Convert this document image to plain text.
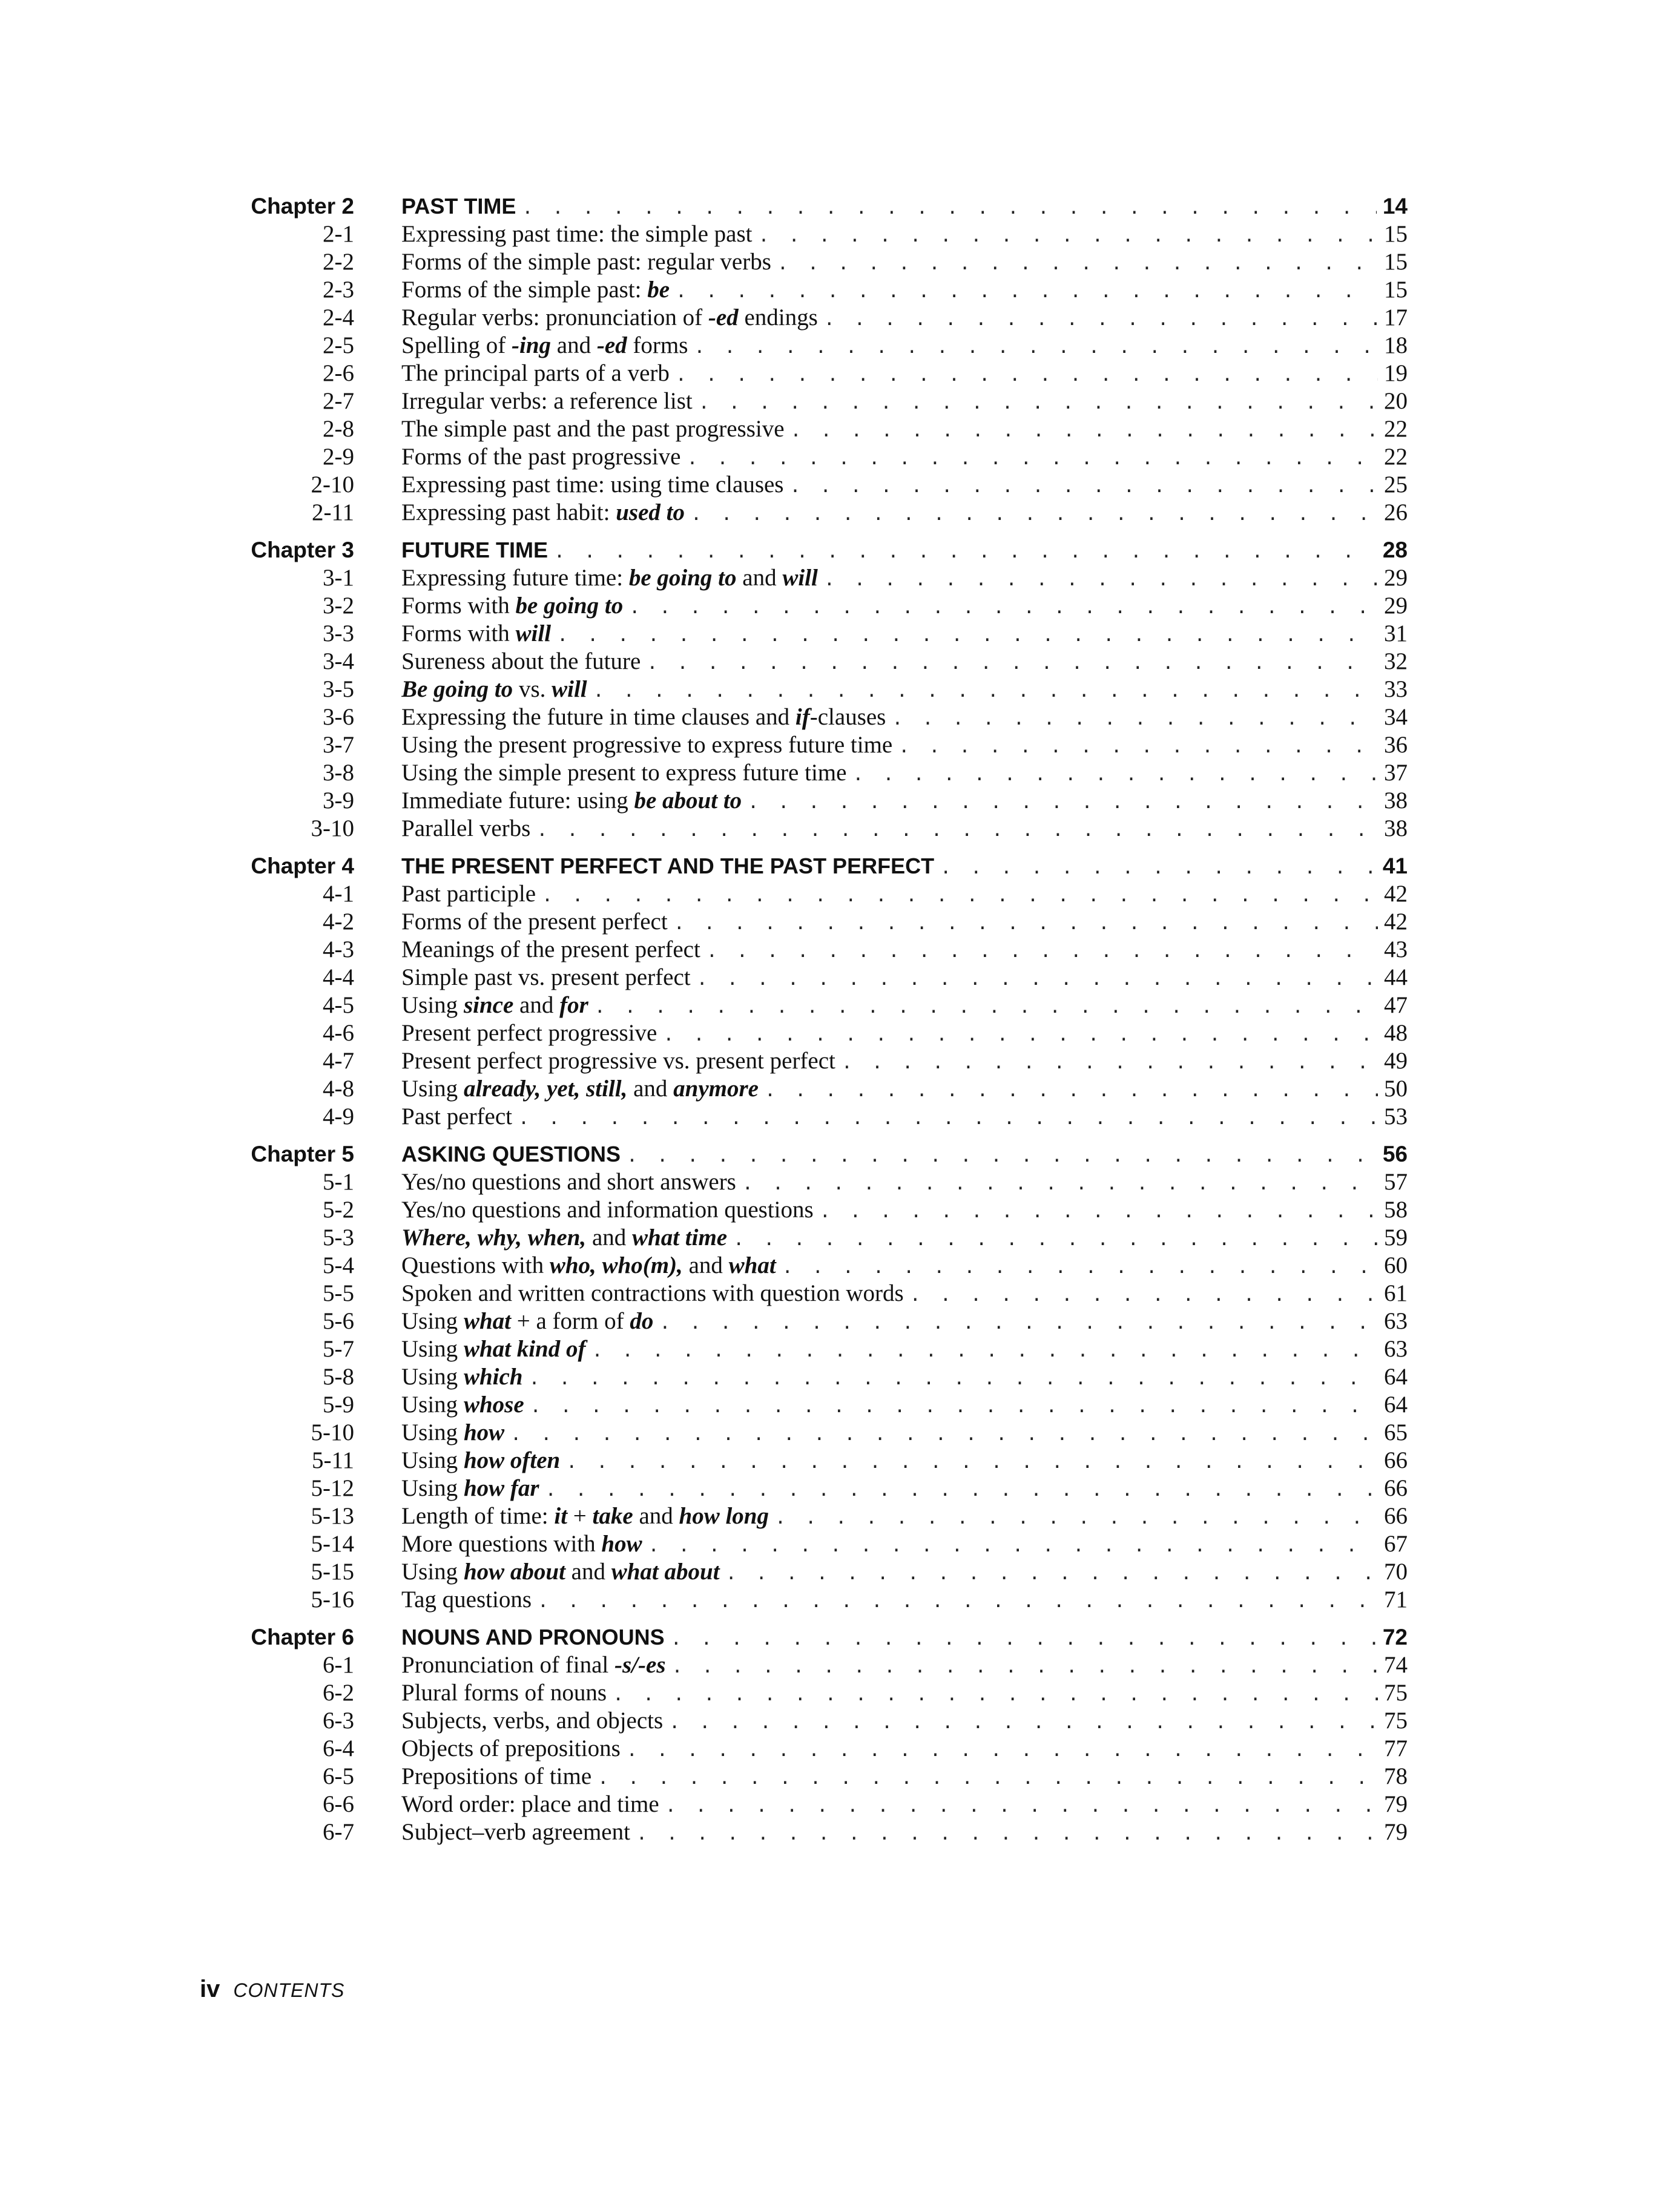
Chapter 2 PAST TIME . . .	14
2-1 Expressing past time: the simple past . . .	15
2-2 Forms of the simple past: regular verbs . . .	15
2-3 Forms of the simple past: be . . .	15
2-4 Regular verbs: pronunciation of -ed endings . . .	17
2-5 Spelling of -ing and -ed forms . . .	18
2-6 The principal parts of a verb . . .	19
2-7 Irregular verbs: a reference list . . .	20
2-8 The simple past and the past progressive . . .	22
2-9 Forms of the past progressive . . .	22
2-10 Expressing past time: using time clauses . . .	25
2-11 Expressing past habit: used to . . .	26
Chapter 3 FUTURE TIME . . .	28
3-1 Expressing future time: be going to and will . . .	29
3-2 Forms with be going to . . .	29
3-3 Forms with will . . .	31
3-4 Sureness about the future . . .	32
3-5 Be going to vs. will . . .	33
3-6 Expressing the future in time clauses and if-clauses . . .	34
3-7 Using the present progressive to express future time . . .	36
3-8 Using the simple present to express future time . . .	37
3-9 Immediate future: using be about to . . .	38
3-10 Parallel verbs . . .	38
Chapter 4 THE PRESENT PERFECT AND THE PAST PERFECT . . .	41
4-1 Past participle . . .	42
4-2 Forms of the present perfect . . .	42
4-3 Meanings of the present perfect . . .	43
4-4 Simple past vs. present perfect . . .	44
4-5 Using since and for . . .	47
4-6 Present perfect progressive . . .	48
4-7 Present perfect progressive vs. present perfect . . .	49
4-8 Using already, yet, still, and anymore . . .	50
4-9 Past perfect . . .	53
Chapter 5 ASKING QUESTIONS . . .	56
5-1 Yes/no questions and short answers . . .	57
5-2 Yes/no questions and information questions . . .	58
5-3 Where, why, when, and what time . . .	59
5-4 Questions with who, who(m), and what . . .	60
5-5 Spoken and written contractions with question words . . .	61
5-6 Using what + a form of do . . .	63
5-7 Using what kind of . . .	63
5-8 Using which . . .	64
5-9 Using whose . . .	64
5-10 Using how . . .	65
5-11 Using how often . . .	66
5-12 Using how far . . .	66
5-13 Length of time: it + take and how long . . .	66
5-14 More questions with how . . .	67
5-15 Using how about and what about . . .	70
5-16 Tag questions . . .	71
Chapter 6 NOUNS AND PRONOUNS . . .	72
6-1 Pronunciation of final -s/-es . . .	74
6-2 Plural forms of nouns . . .	75
6-3 Subjects, verbs, and objects . . .	75
6-4 Objects of prepositions . . .	77
6-5 Prepositions of time . . .	78
6-6 Word order: place and time . . .	79
6-7 Subject–verb agreement . . .	79
iv CONTENTS
